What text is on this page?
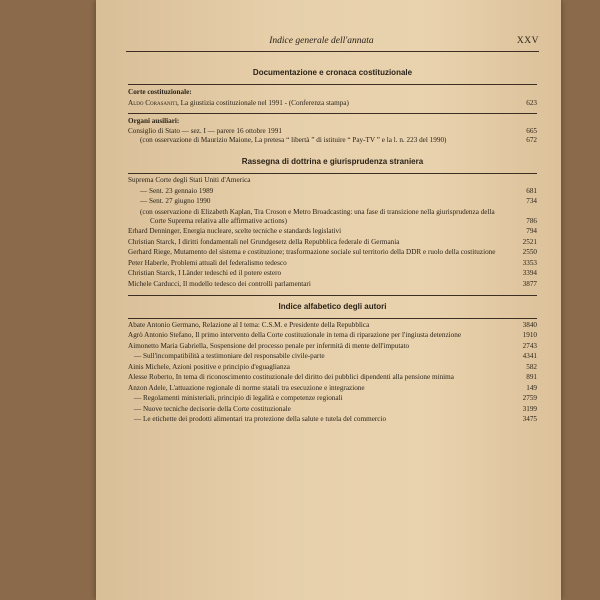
Indice generale dell'annata	XXV
Documentazione e cronaca costituzionale
Corte costituzionale:
Aldo Corasaniti, La giustizia costituzionale nel 1991 - (Conferenza stampa)	623
Organi ausiliari:
Consiglio di Stato — sez. I — parere 16 ottobre 1991	665
(con osservazione di Maurizio Maione, La pretesa “ libertà ” di istituire “ Pay-TV ” e la l. n. 223 del 1990)	672
Rassegna di dottrina e giurisprudenza straniera
Suprema Corte degli Stati Uniti d'America
— Sent. 23 gennaio 1989	681
— Sent. 27 giugno 1990	734
(con osservazione di Elizabeth Kaplan, Tra Croson e Metro Broadcasting: una fase di transizione nella giurisprudenza della Corte Suprema relativa alle affirmative actions)	786
Erhard Denninger, Energia nucleare, scelte tecniche e standards legislativi	794
Christian Starck, I diritti fondamentali nel Grundgesetz della Repubblica federale di Germania	2521
Gerhard Riege, Mutamento del sistema e costituzione; trasformazione sociale sul territorio della DDR e ruolo della costituzione	2550
Peter Haberle, Problemi attuali del federalismo tedesco	3353
Christian Starck, I Länder tedeschi ed il potere estero	3394
Michele Carducci, Il modello tedesco dei controlli parlamentari	3877
Indice alfabetico degli autori
Abate Antonio Germano, Relazione al I tema: C.S.M. e Presidente della Repubblica	3840
Agrò Antonio Stefano, Il primo intervento della Corte costituzionale in tema di riparazione per l'ingiusta detenzione	1910
Aimonetto Maria Gabriella, Sospensione del processo penale per infermità di mente dell'imputato	2743
— Sull'incompatibilità a testimoniare del responsabile civile-parte	4341
Ainis Michele, Azioni positive e principio d'eguaglianza	582
Alesse Roberto, In tema di riconoscimento costituzionale del diritto dei pubblici dipendenti alla pensione minima	891
Anzon Adele, L'attuazione regionale di norme statali tra esecuzione e integrazione	149
— Regolamenti ministeriali, principio di legalità e competenze regionali	2759
— Nuove tecniche decisorie della Corte costituzionale	3199
— Le etichette dei prodotti alimentari tra protezione della salute e tutela del commercio	3475
